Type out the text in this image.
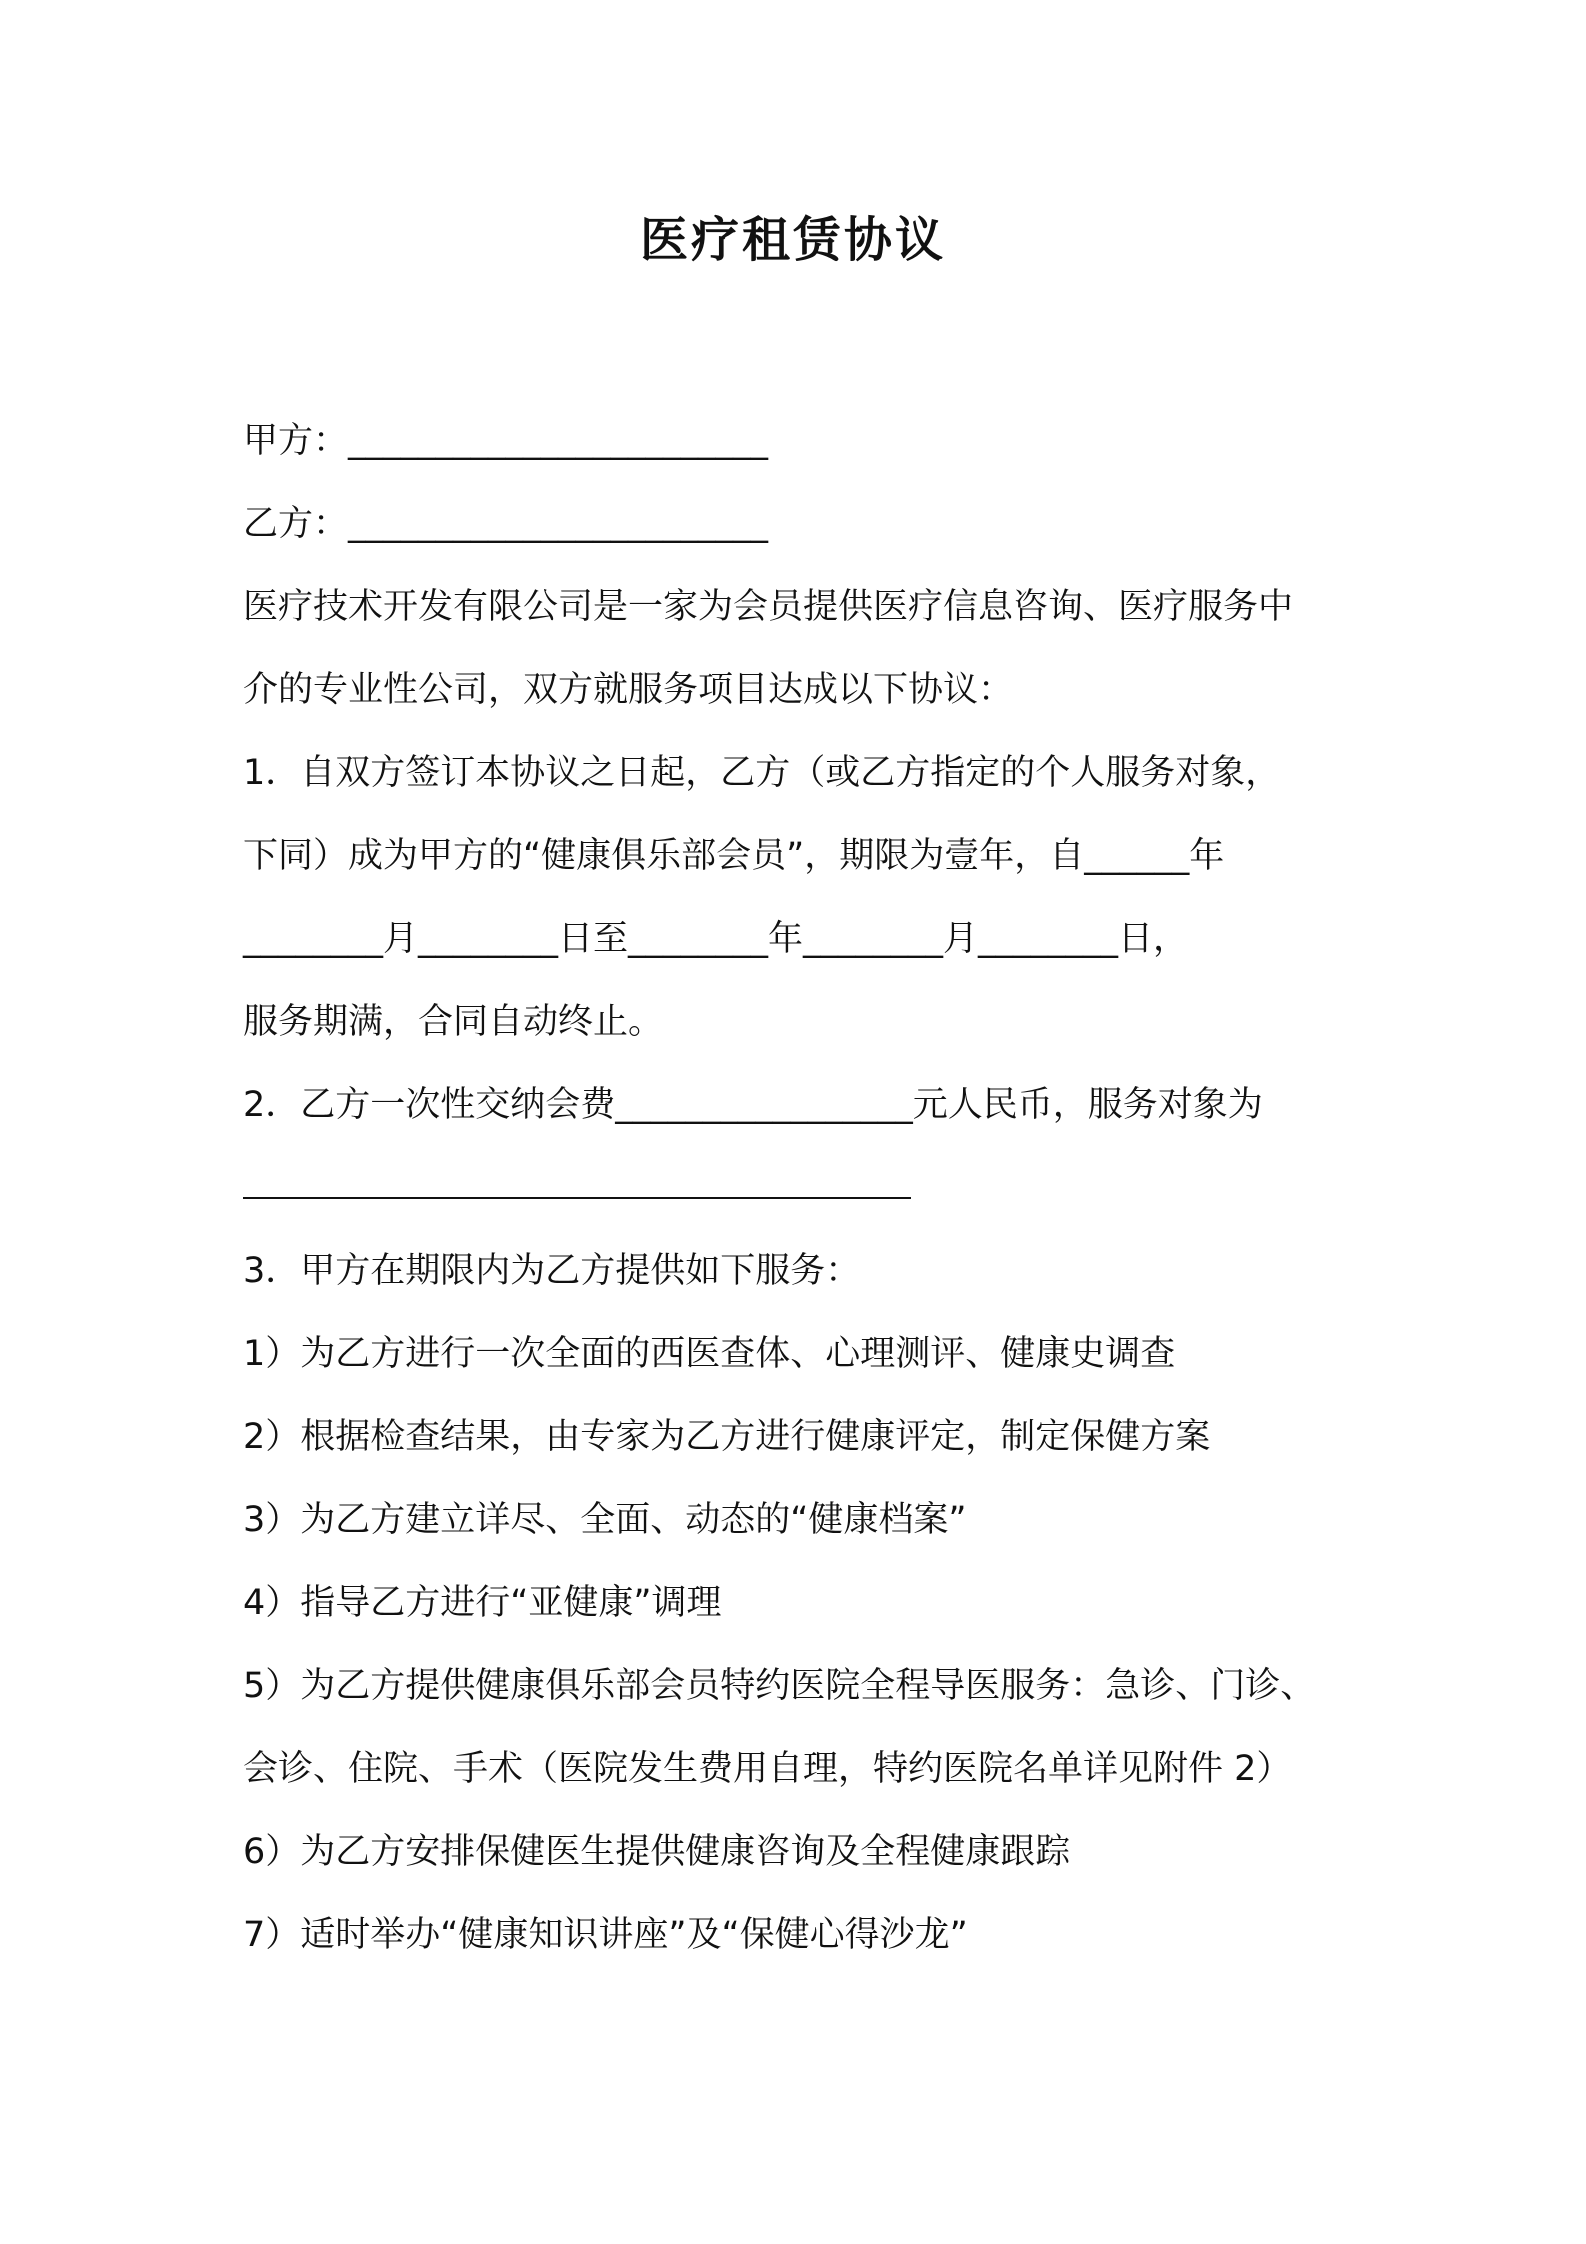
医疗租赁协议
甲方：________________________
乙方：________________________
医疗技术开发有限公司是一家为会员提供医疗信息咨询、医疗服务中
介的专业性公司，双方就服务项目达成以下协议：
1．自双方签订本协议之日起，乙方（或乙方指定的个人服务对象，
下同）成为甲方的“健康俱乐部会员”，期限为壹年，自______年
________月________日至________年________月________日，
服务期满，合同自动终止。
2．乙方一次性交纳会费_________________元人民币，服务对象为
3．甲方在期限内为乙方提供如下服务：
1）为乙方进行一次全面的西医查体、心理测评、健康史调查
2）根据检查结果，由专家为乙方进行健康评定，制定保健方案
3）为乙方建立详尽、全面、动态的“健康档案”
4）指导乙方进行“亚健康”调理
5）为乙方提供健康俱乐部会员特约医院全程导医服务：急诊、门诊、
会诊、住院、手术（医院发生费用自理，特约医院名单详见附件 2）
6）为乙方安排保健医生提供健康咨询及全程健康跟踪
7）适时举办“健康知识讲座”及“保健心得沙龙”
